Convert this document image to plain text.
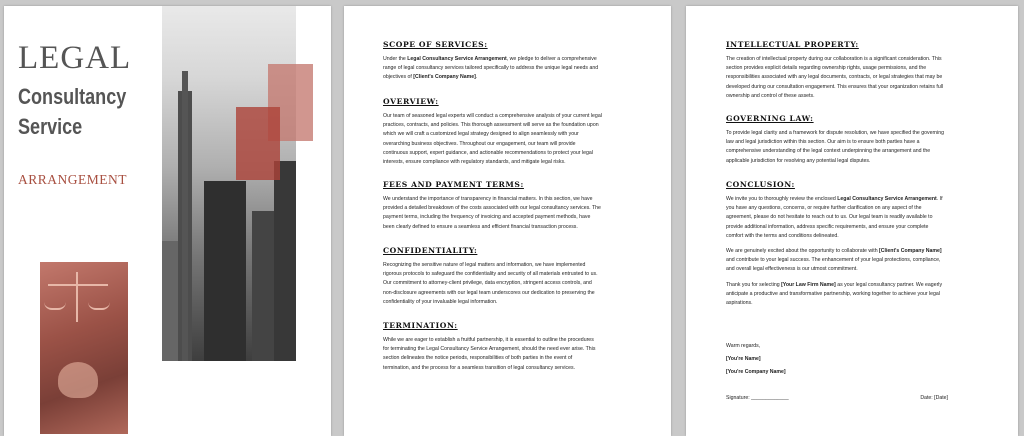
LEGAL
Consultancy
Service
ARRANGEMENT
SCOPE OF SERVICES:
Under the Legal Consultancy Service Arrangement, we pledge to deliver a comprehensive
range of legal consultancy services tailored specifically to address the unique legal needs and
objectives of [Client's Company Name].
OVERVIEW:
Our team of seasoned legal experts will conduct a comprehensive analysis of your current legal
practices, contracts, and policies. This thorough assessment will serve as the foundation upon
which we will craft a customized legal strategy designed to align seamlessly with your
overarching business objectives. Throughout our engagement, our team will provide
continuous support, expert guidance, and actionable recommendations to protect your legal
interests, ensure compliance with regulatory standards, and mitigate legal risks.
FEES AND PAYMENT TERMS:
We understand the importance of transparency in financial matters. In this section, we have
provided a detailed breakdown of the costs associated with our legal consultancy services. The
payment terms, including the frequency of invoicing and accepted payment methods, have
been clearly defined to ensure a seamless and efficient financial transaction process.
CONFIDENTIALITY:
Recognizing the sensitive nature of legal matters and information, we have implemented
rigorous protocols to safeguard the confidentiality and security of all materials entrusted to us.
Our commitment to attorney-client privilege, data encryption, stringent access controls, and
non-disclosure agreements with our legal team underscores our dedication to preserving the
confidentiality of your invaluable legal information.
TERMINATION:
While we are eager to establish a fruitful partnership, it is essential to outline the procedures
for terminating the Legal Consultancy Service Arrangement, should the need ever arise. This
section delineates the notice periods, responsibilities of both parties in the event of
termination, and the process for a seamless transition of legal consultancy services.
INTELLECTUAL PROPERTY:
The creation of intellectual property during our collaboration is a significant consideration. This
section provides explicit details regarding ownership rights, usage permissions, and the
responsibilities associated with any legal documents, contracts, or legal strategies that may be
developed during our consultation engagement. This ensures that your organization retains full
ownership and control of these assets.
GOVERNING LAW:
To provide legal clarity and a framework for dispute resolution, we have specified the governing
law and legal jurisdiction within this section. Our aim is to ensure both parties have a
comprehensive understanding of the legal context underpinning the arrangement and the
applicable jurisdiction for resolving any potential legal disputes.
CONCLUSION:
We invite you to thoroughly review the enclosed Legal Consultancy Service Arrangement. If
you have any questions, concerns, or require further clarification on any aspect of the
agreement, please do not hesitate to reach out to us. Our legal team is readily available to
provide additional information, address specific requirements, and ensure your complete
comfort with the terms and conditions delineated.
We are genuinely excited about the opportunity to collaborate with [Client's Company Name]
and contribute to your legal success. The enhancement of your legal protections, compliance,
and overall legal effectiveness is our utmost commitment.
Thank you for selecting [Your Law Firm Name] as your legal consultancy partner. We eagerly
anticipate a productive and transformative partnership, working together to achieve your legal
aspirations.
Warm regards,
[You're Name]
[You're Company Name]
Signature: _____________	Date: [Date]
